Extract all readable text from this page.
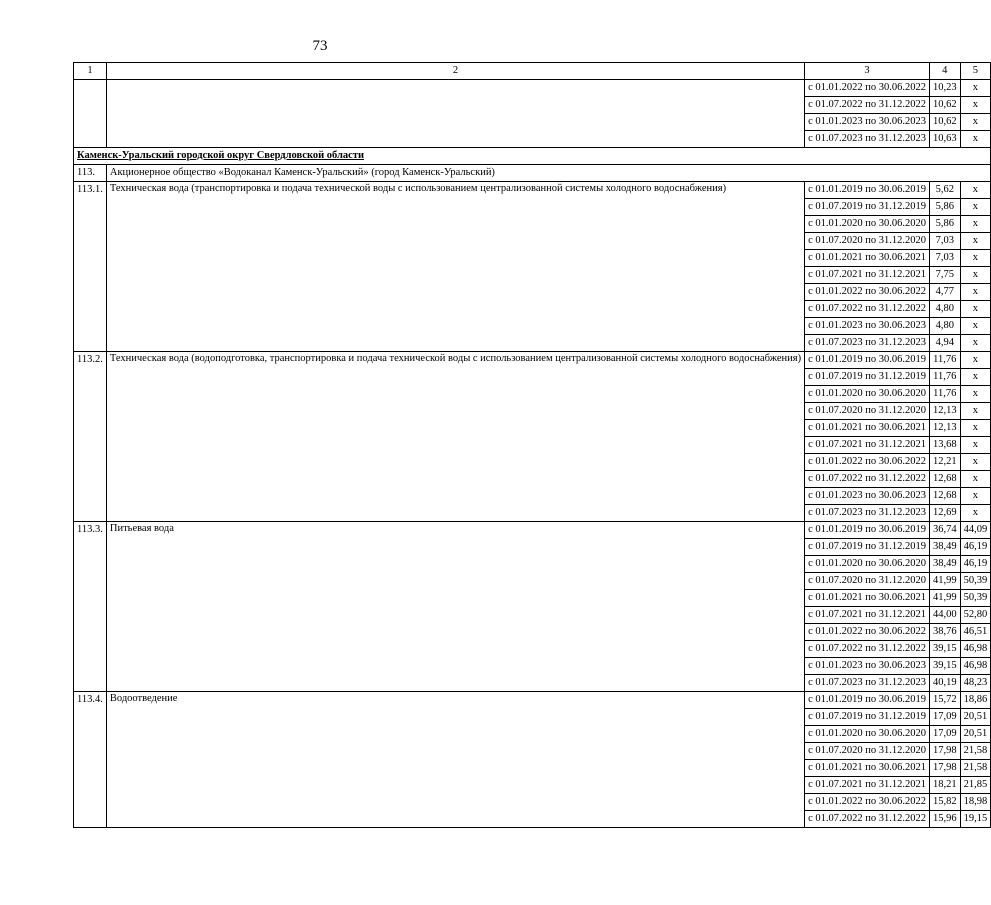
73
1	2	3	4	5
		с 01.01.2022 по 30.06.2022	10,23	х
		с 01.07.2022 по 31.12.2022	10,62	х
		с 01.01.2023 по 30.06.2023	10,62	х
		с 01.07.2023 по 31.12.2023	10,63	х
Каменск-Уральский городской округ Свердловской области				
113.	Акционерное общество «Водоканал Каменск-Уральский» (город Каменск-Уральский)			
113.1.	Техническая вода (транспортировка и подача технической воды с использованием централизованной системы холодного водоснабжения)	с 01.01.2019 по 30.06.2019	5,62	х
		с 01.07.2019 по 31.12.2019	5,86	х
		с 01.01.2020 по 30.06.2020	5,86	х
		с 01.07.2020 по 31.12.2020	7,03	х
		с 01.01.2021 по 30.06.2021	7,03	х
		с 01.07.2021 по 31.12.2021	7,75	х
		с 01.01.2022 по 30.06.2022	4,77	х
		с 01.07.2022 по 31.12.2022	4,80	х
		с 01.01.2023 по 30.06.2023	4,80	х
		с 01.07.2023 по 31.12.2023	4,94	х
113.2.	Техническая вода (водоподготовка, транспортировка и подача технической воды с использованием централизованной системы холодного водоснабжения)	с 01.01.2019 по 30.06.2019	11,76	х
		с 01.07.2019 по 31.12.2019	11,76	х
		с 01.01.2020 по 30.06.2020	11,76	х
		с 01.07.2020 по 31.12.2020	12,13	х
		с 01.01.2021 по 30.06.2021	12,13	х
		с 01.07.2021 по 31.12.2021	13,68	х
		с 01.01.2022 по 30.06.2022	12,21	х
		с 01.07.2022 по 31.12.2022	12,68	х
		с 01.01.2023 по 30.06.2023	12,68	х
		с 01.07.2023 по 31.12.2023	12,69	х
113.3.	Питьевая вода	с 01.01.2019 по 30.06.2019	36,74	44,09
		с 01.07.2019 по 31.12.2019	38,49	46,19
		с 01.01.2020 по 30.06.2020	38,49	46,19
		с 01.07.2020 по 31.12.2020	41,99	50,39
		с 01.01.2021 по 30.06.2021	41,99	50,39
		с 01.07.2021 по 31.12.2021	44,00	52,80
		с 01.01.2022 по 30.06.2022	38,76	46,51
		с 01.07.2022 по 31.12.2022	39,15	46,98
		с 01.01.2023 по 30.06.2023	39,15	46,98
		с 01.07.2023 по 31.12.2023	40,19	48,23
113.4.	Водоотведение	с 01.01.2019 по 30.06.2019	15,72	18,86
		с 01.07.2019 по 31.12.2019	17,09	20,51
		с 01.01.2020 по 30.06.2020	17,09	20,51
		с 01.07.2020 по 31.12.2020	17,98	21,58
		с 01.01.2021 по 30.06.2021	17,98	21,58
		с 01.07.2021 по 31.12.2021	18,21	21,85
		с 01.01.2022 по 30.06.2022	15,82	18,98
		с 01.07.2022 по 31.12.2022	15,96	19,15
